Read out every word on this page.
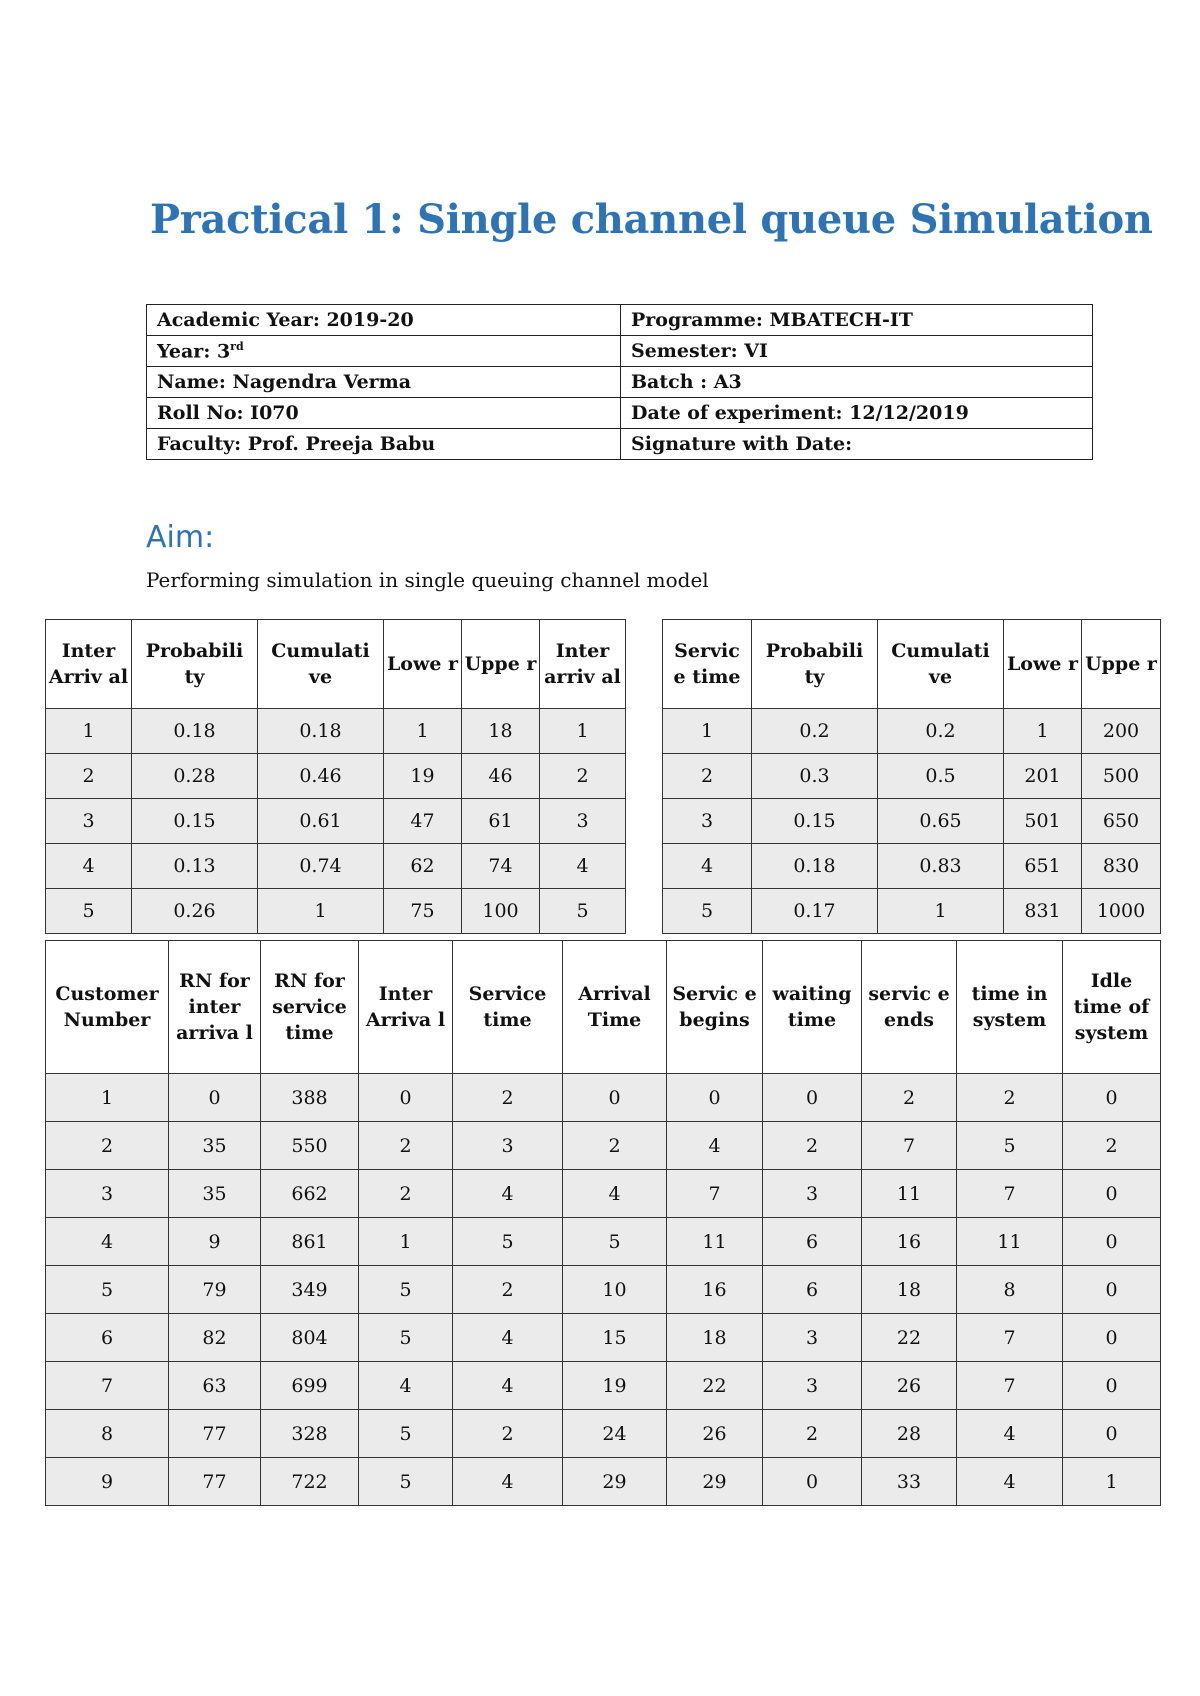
Practical 1: Single channel queue Simulation
Academic Year: 2019-20	Programme: MBATECH-IT
Year: 3rd	Semester: VI
Name: Nagendra Verma	Batch : A3
Roll No: I070	Date of experiment: 12/12/2019
Faculty: Prof. Preeja Babu	Signature with Date:
Aim:

Performing simulation in single queuing channel model

Inter Arriv al	Probabili ty	Cumulati ve	Lowe r	Uppe r	Inter arriv al
1	0.18	0.18	1	18	1
2	0.28	0.46	19	46	2
3	0.15	0.61	47	61	3
4	0.13	0.74	62	74	4
5	0.26	1	75	100	5
Servic e time	Probabili ty	Cumulati ve	Lowe r	Uppe r
1	0.2	0.2	1	200
2	0.3	0.5	201	500
3	0.15	0.65	501	650
4	0.18	0.83	651	830
5	0.17	1	831	1000
Customer Number	RN for inter arriva l	RN for service time	Inter Arriva l	Service time	Arrival Time	Servic e begins	waiting time	servic e ends	time in system	Idle time of system
1	0	388	0	2	0	0	0	2	2	0
2	35	550	2	3	2	4	2	7	5	2
3	35	662	2	4	4	7	3	11	7	0
4	9	861	1	5	5	11	6	16	11	0
5	79	349	5	2	10	16	6	18	8	0
6	82	804	5	4	15	18	3	22	7	0
7	63	699	4	4	19	22	3	26	7	0
8	77	328	5	2	24	26	2	28	4	0
9	77	722	5	4	29	29	0	33	4	1
